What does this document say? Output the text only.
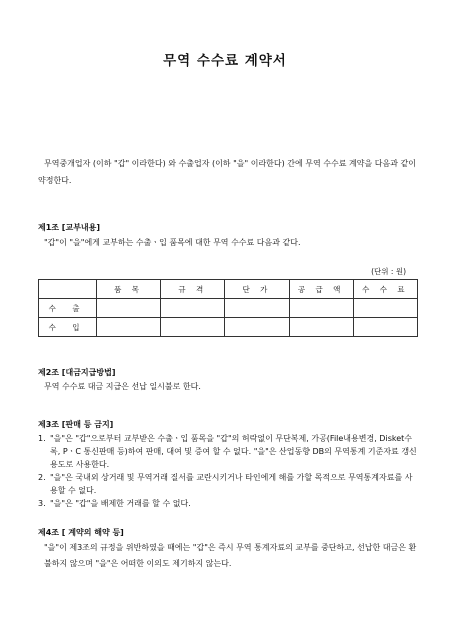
무역 수수료 계약서
무역중개업자 (이하 "갑" 이라한다) 와 수출업자 (이하 "을" 이라한다) 간에 무역 수수료 계약을 다음과 같이 약정한다.
제1조 [교부내용]
"갑"이 "을"에게 교부하는 수출ㆍ입 품목에 대한 무역 수수료 다음과 같다.
(단위 : 원)
	품 목	규 격	단 가	공 급 액	수 수 료
수 출					
수 입					
제2조 [대금지급방법]
무역 수수료 대금 지급은 선납 일시불로 한다.
제3조 [판매 등 금지]
1. "을"은 "갑"으로부터 교부받은 수출ㆍ입 품목을 "갑"의 허락없이 무단복제, 가공(File내용변경, Disket수록, PㆍC 통신판매 등)하여 판매, 대여 및 증여 할 수 없다. "을"은 산업동향 DB의 무역통계 기준자료 갱신용도로 사용한다.
2. "을"은 국내외 상거래 및 무역거래 질서를 교란시키거나 타인에게 해를 가할 목적으로 무역통계자료를 사용할 수 없다.
3. "을"은 "갑"을 배제한 거래를 할 수 없다.
제4조 [ 계약의 해약 등]
"을"이 제3조의 규정을 위반하였을 때에는 "갑"은 즉시 무역 통계자료의 교부를 중단하고, 선납한 대금은 환불하지 않으며 "을"은 어떠한 이의도 제기하지 않는다.
